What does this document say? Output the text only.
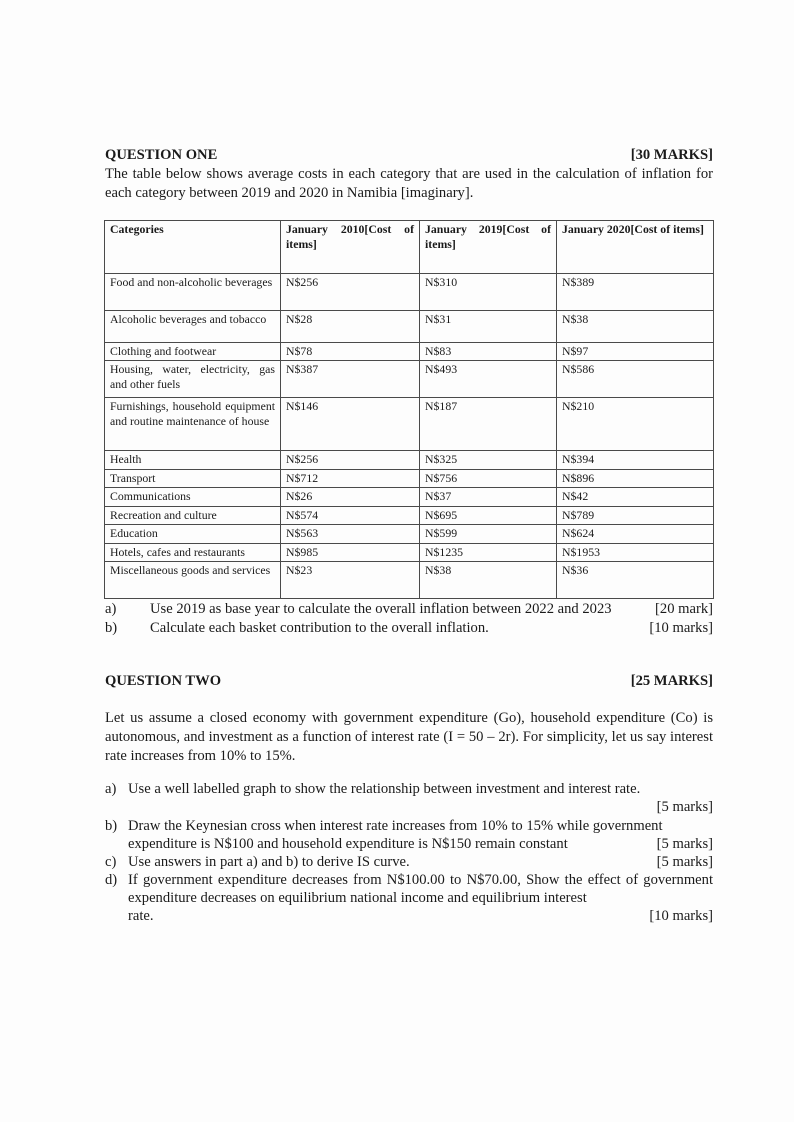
QUESTION ONE	[30 MARKS]
The table below shows average costs in each category that are used in the calculation of inflation for each category between 2019 and 2020 in Namibia [imaginary].
Categories	January 2010[Cost of items]	January 2019[Cost of items]	January 2020[Cost of items]
Food and non-alcoholic beverages	N$256	N$310	N$389
Alcoholic beverages and tobacco	N$28	N$31	N$38
Clothing and footwear	N$78	N$83	N$97
Housing, water, electricity, gas and other fuels	N$387	N$493	N$586
Furnishings, household equipment and routine maintenance of house	N$146	N$187	N$210
Health	N$256	N$325	N$394
Transport	N$712	N$756	N$896
Communications	N$26	N$37	N$42
Recreation and culture	N$574	N$695	N$789
Education	N$563	N$599	N$624
Hotels, cafes and restaurants	N$985	N$1235	N$1953
Miscellaneous goods and services	N$23	N$38	N$36
a)	Use 2019 as base year to calculate the overall inflation between 2022 and 2023	[20 mark]
b)	Calculate each basket contribution to the overall inflation.	[10 marks]
QUESTION TWO	[25 MARKS]
Let us assume a closed economy with government expenditure (Go), household expenditure (Co) is autonomous, and investment as a function of interest rate (I = 50 – 2r). For simplicity, let us say interest rate increases from 10% to 15%.
a) Use a well labelled graph to show the relationship between investment and interest rate.
[5 marks]
b) Draw the Keynesian cross when interest rate increases from 10% to 15% while government
expenditure is N$100 and household expenditure is N$150 remain constant	[5 marks]
c) Use answers in part a) and b) to derive IS curve.	[5 marks]
d) If government expenditure decreases from N$100.00 to N$70.00, Show the effect of government expenditure decreases on equilibrium national income and equilibrium interest
rate.	[10 marks]
